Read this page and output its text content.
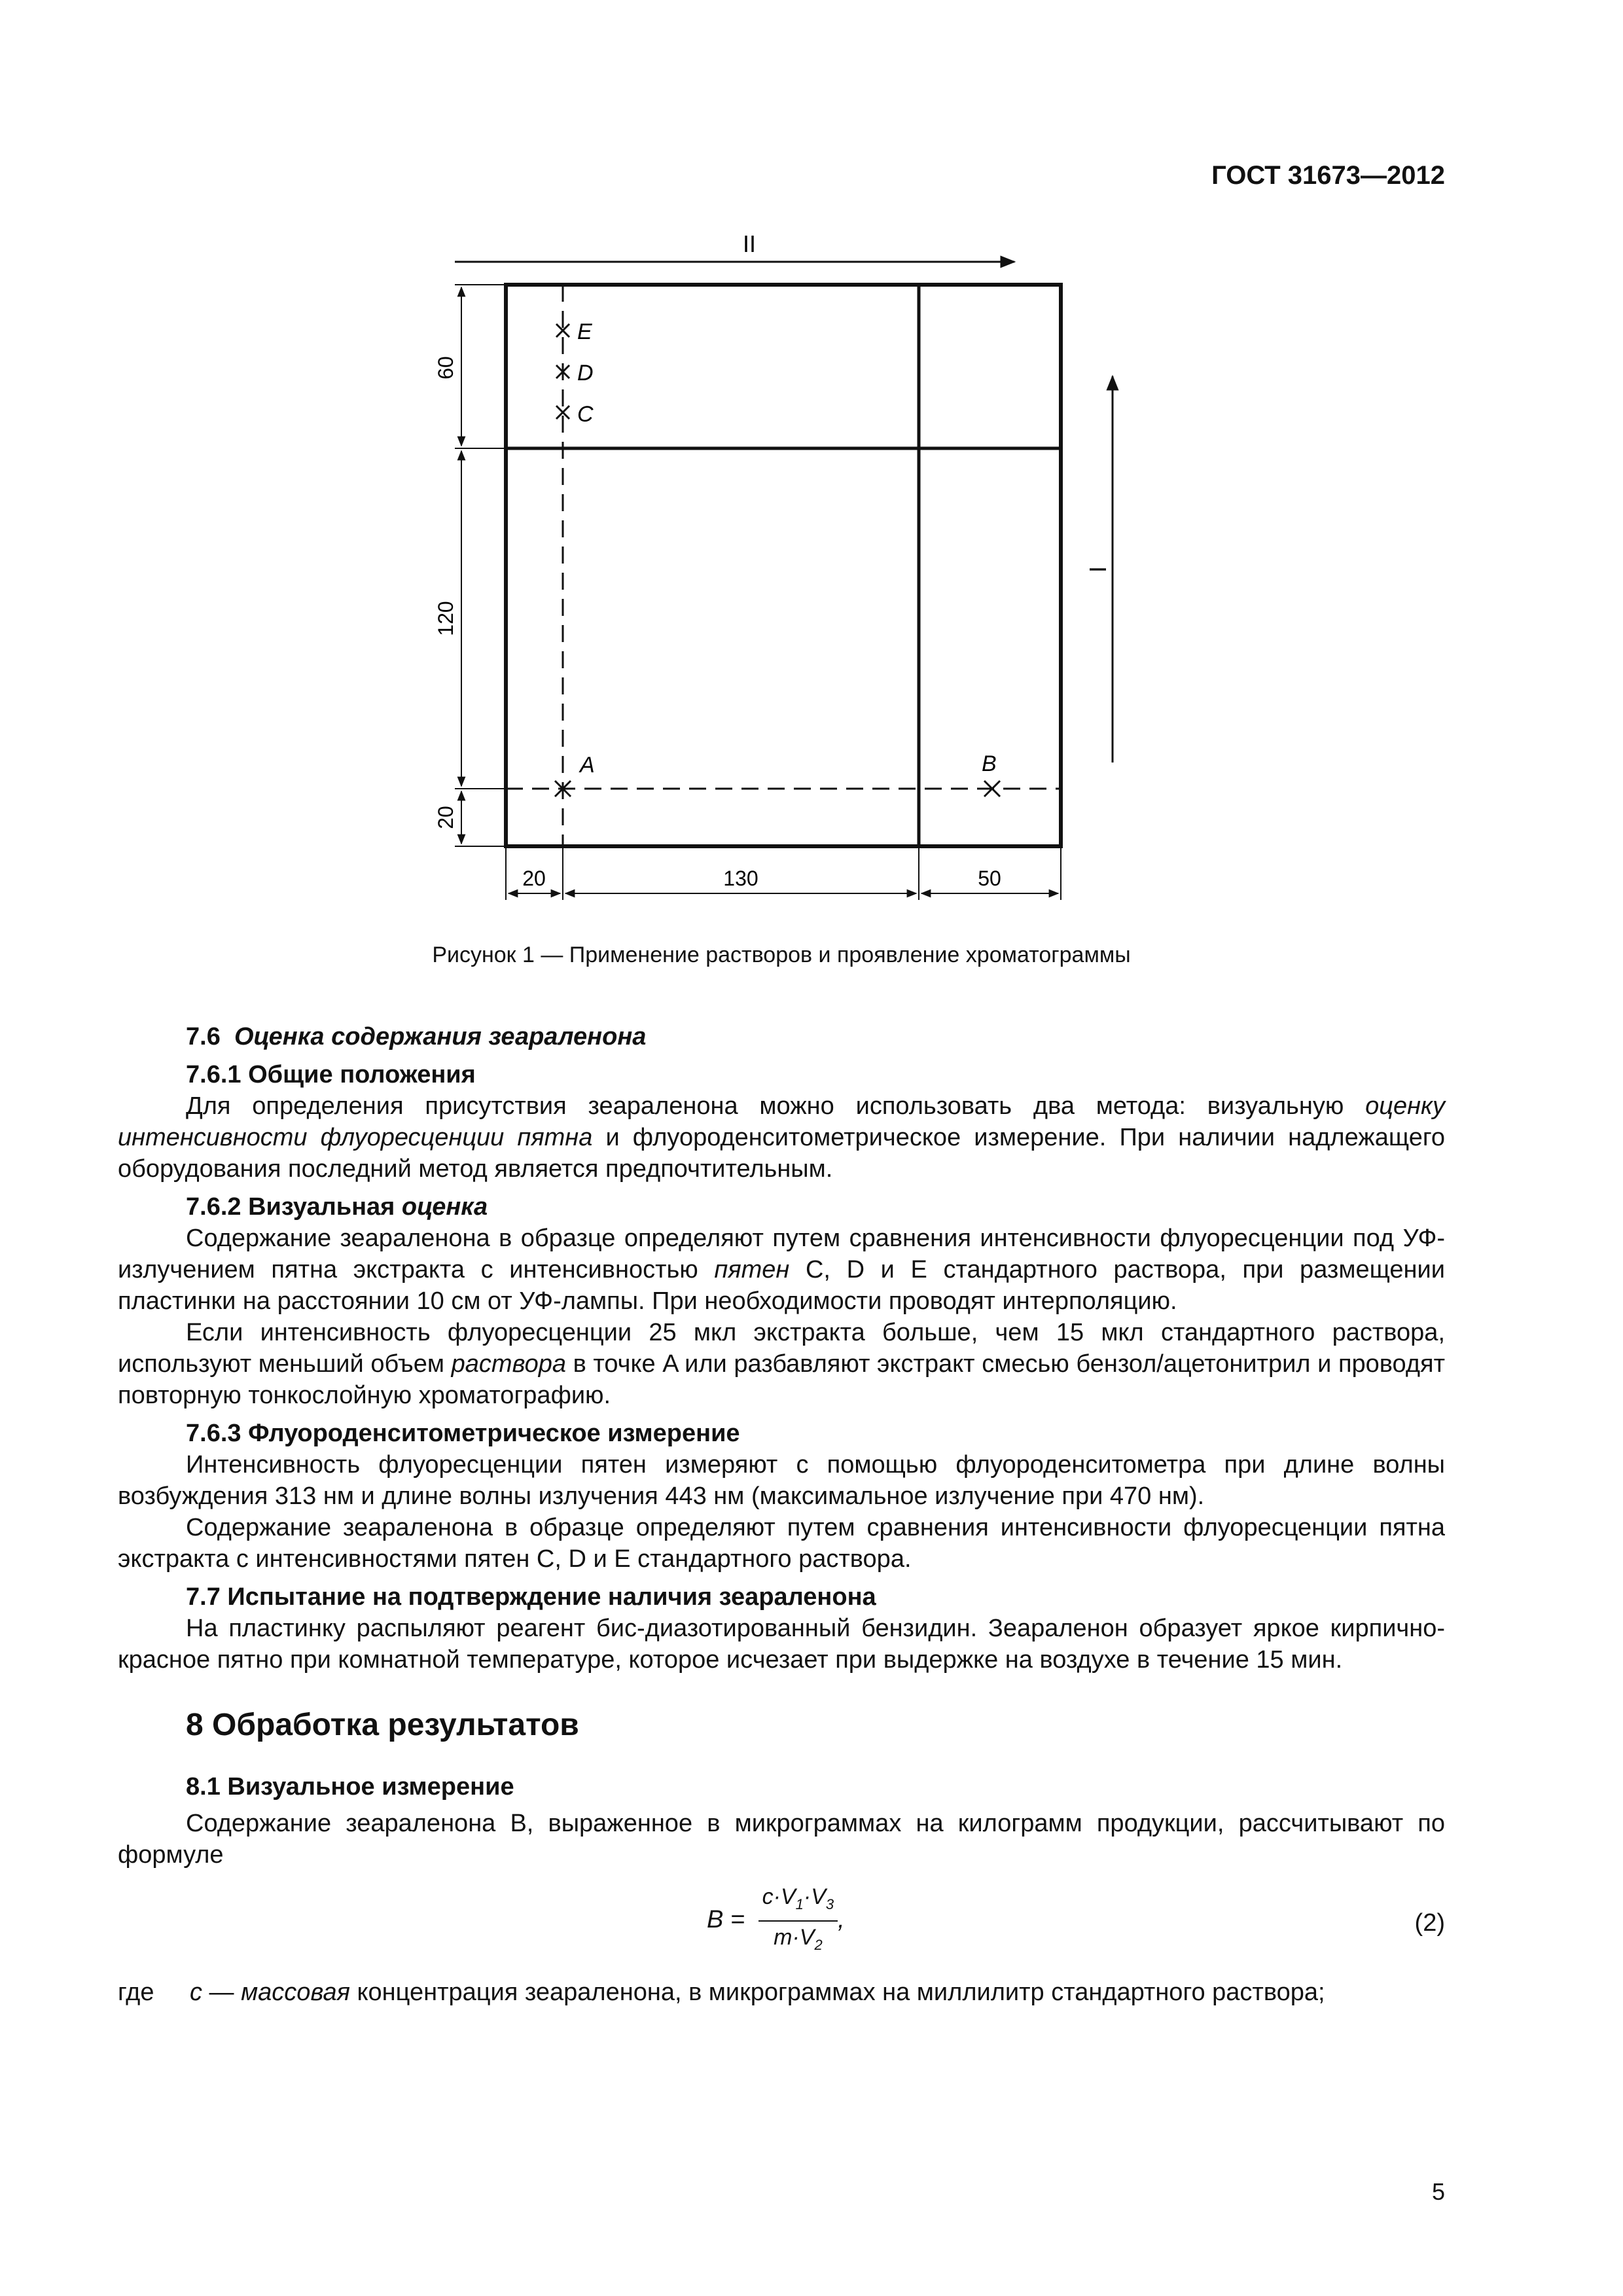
ГОСТ 31673—2012
II
I
E
D
C
A	B
60
120
20
20	130	50
Рисунок 1 — Применение растворов и проявление хроматограммы
7.6 Оценка содержания зеараленона
7.6.1 Общие положения

Для определения присутствия зеараленона можно использовать два метода: визуальную оценку интенсивности флуоресценции пятна и флуороденситометрическое измерение. При наличии надлежащего оборудования последний метод является предпочтительным.

7.6.2 Визуальная оценка

Содержание зеараленона в образце определяют путем сравнения интенсивности флуоресценции под УФ-излучением пятна экстракта с интенсивностью пятен C, D и E стандартного раствора, при размещении пластинки на расстоянии 10 см от УФ-лампы. При необходимости проводят интерполяцию.

Если интенсивность флуоресценции 25 мкл экстракта больше, чем 15 мкл стандартного раствора, используют меньший объем раствора в точке A или разбавляют экстракт смесью бензол/ацетонитрил и проводят повторную тонкослойную хроматографию.

7.6.3 Флуороденситометрическое измерение

Интенсивность флуоресценции пятен измеряют с помощью флуороденситометра при длине волны возбуждения 313 нм и длине волны излучения 443 нм (максимальное излучение при 470 нм).

Содержание зеараленона в образце определяют путем сравнения интенсивности флуоресценции пятна экстракта с интенсивностями пятен C, D и E стандартного раствора.

7.7 Испытание на подтверждение наличия зеараленона

На пластинку распыляют реагент бис-диазотированный бензидин. Зеараленон образует яркое кирпично-красное пятно при комнатной температуре, которое исчезает при выдержке на воздухе в течение 15 мин.

8 Обработка результатов
8.1 Визуальное измерение

Содержание зеараленона B, выраженное в микрограммах на килограмм продукции, рассчитывают по формуле

$B = \frac{c\cdot V_1\cdot V_3}{m\cdot V_2}$ ,	(2)
где	c — массовая концентрация зеараленона, в микрограммах на миллилитр стандартного раствора;
5
